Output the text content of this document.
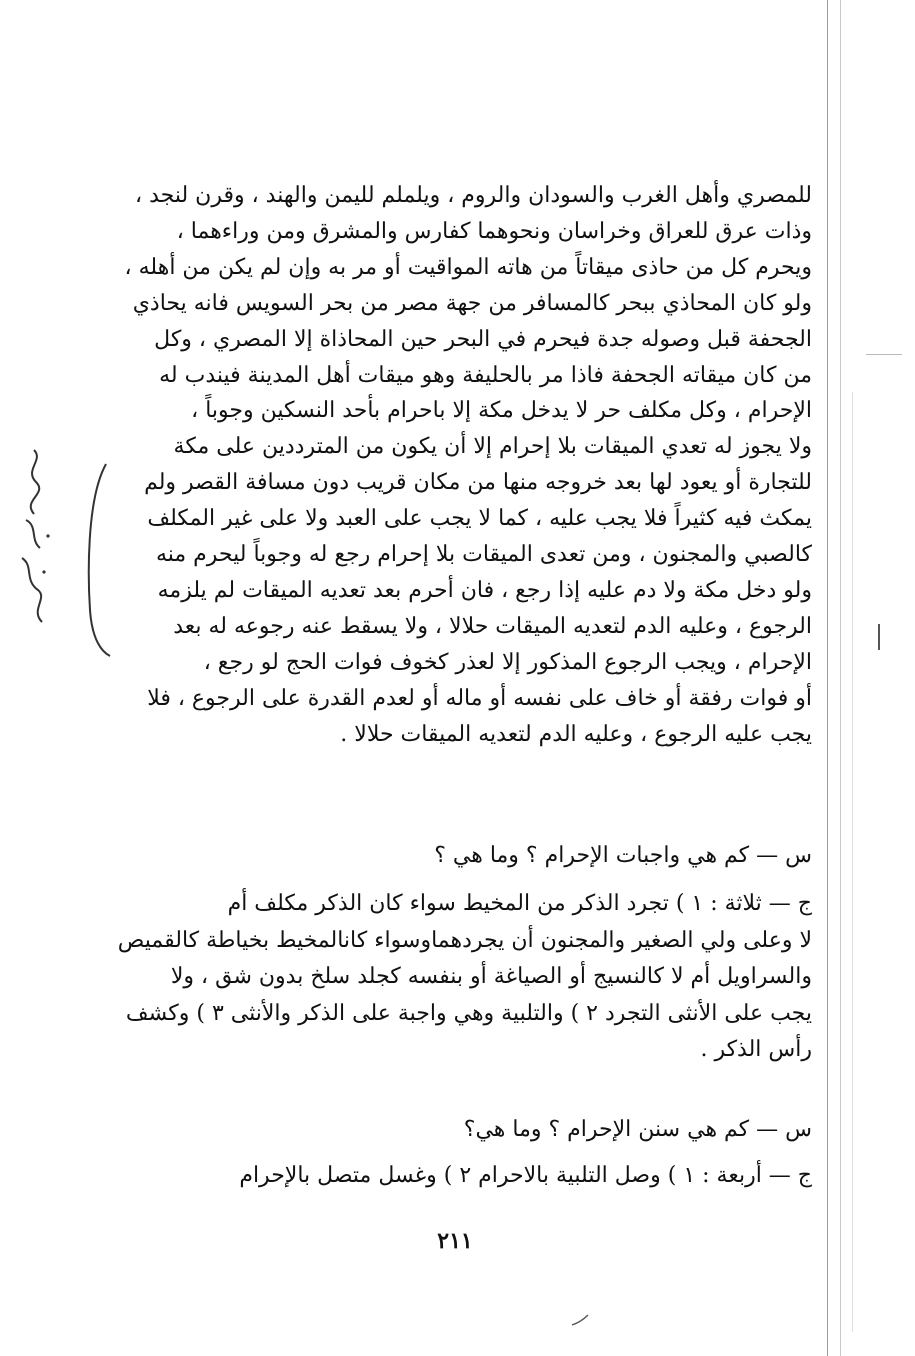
للمصري وأهل الغرب والسودان والروم ، ويلملم لليمن والهند ، وقرن لنجد ،
وذات عرق للعراق وخراسان ونحوهما كفارس والمشرق ومن وراءهما ،
ويحرم كل من حاذى ميقاتاً من هاته المواقيت أو مر به وإن لم يكن من أهله ،
ولو كان المحاذي ببحر كالمسافر من جهة مصر من بحر السويس فانه يحاذي
الجحفة قبل وصوله جدة فيحرم في البحر حين المحاذاة إلا المصري ، وكل
من كان ميقاته الجحفة فاذا مر بالحليفة وهو ميقات أهل المدينة فيندب له
الإحرام ، وكل مكلف حر لا يدخل مكة إلا باحرام بأحد النسكين وجوباً ،
ولا يجوز له تعدي الميقات بلا إحرام إلا أن يكون من المترددين على مكة
للتجارة أو يعود لها بعد خروجه منها من مكان قريب دون مسافة القصر ولم
يمكث فيه كثيراً فلا يجب عليه ، كما لا يجب على العبد ولا على غير المكلف
كالصبي والمجنون ، ومن تعدى الميقات بلا إحرام رجع له وجوباً ليحرم منه
ولو دخل مكة ولا دم عليه إذا رجع ، فان أحرم بعد تعديه الميقات لم يلزمه
الرجوع ، وعليه الدم لتعديه الميقات حلالا ، ولا يسقط عنه رجوعه له بعد
الإحرام ، ويجب الرجوع المذكور إلا لعذر كخوف فوات الحج لو رجع ،
أو فوات رفقة أو خاف على نفسه أو ماله أو لعدم القدرة على الرجوع ، فلا
يجب عليه الرجوع ، وعليه الدم لتعديه الميقات حلالا .
س — كم هي واجبات الإحرام ؟ وما هي ؟
ج — ثلاثة : ١ ) تجرد الذكر من المخيط سواء كان الذكر مكلف أم
لا وعلى ولي الصغير والمجنون أن يجردهماوسواء كانالمخيط بخياطة كالقميص
والسراويل أم لا كالنسيج أو الصياغة أو بنفسه كجلد سلخ بدون شق ، ولا
يجب على الأنثى التجرد ٢ ) والتلبية وهي واجبة على الذكر والأنثى ٣ ) وكشف
رأس الذكر .
س — كم هي سنن الإحرام ؟ وما هي؟
ج — أربعة : ١ ) وصل التلبية بالاحرام ٢ ) وغسل متصل بالإحرام
٢١١
